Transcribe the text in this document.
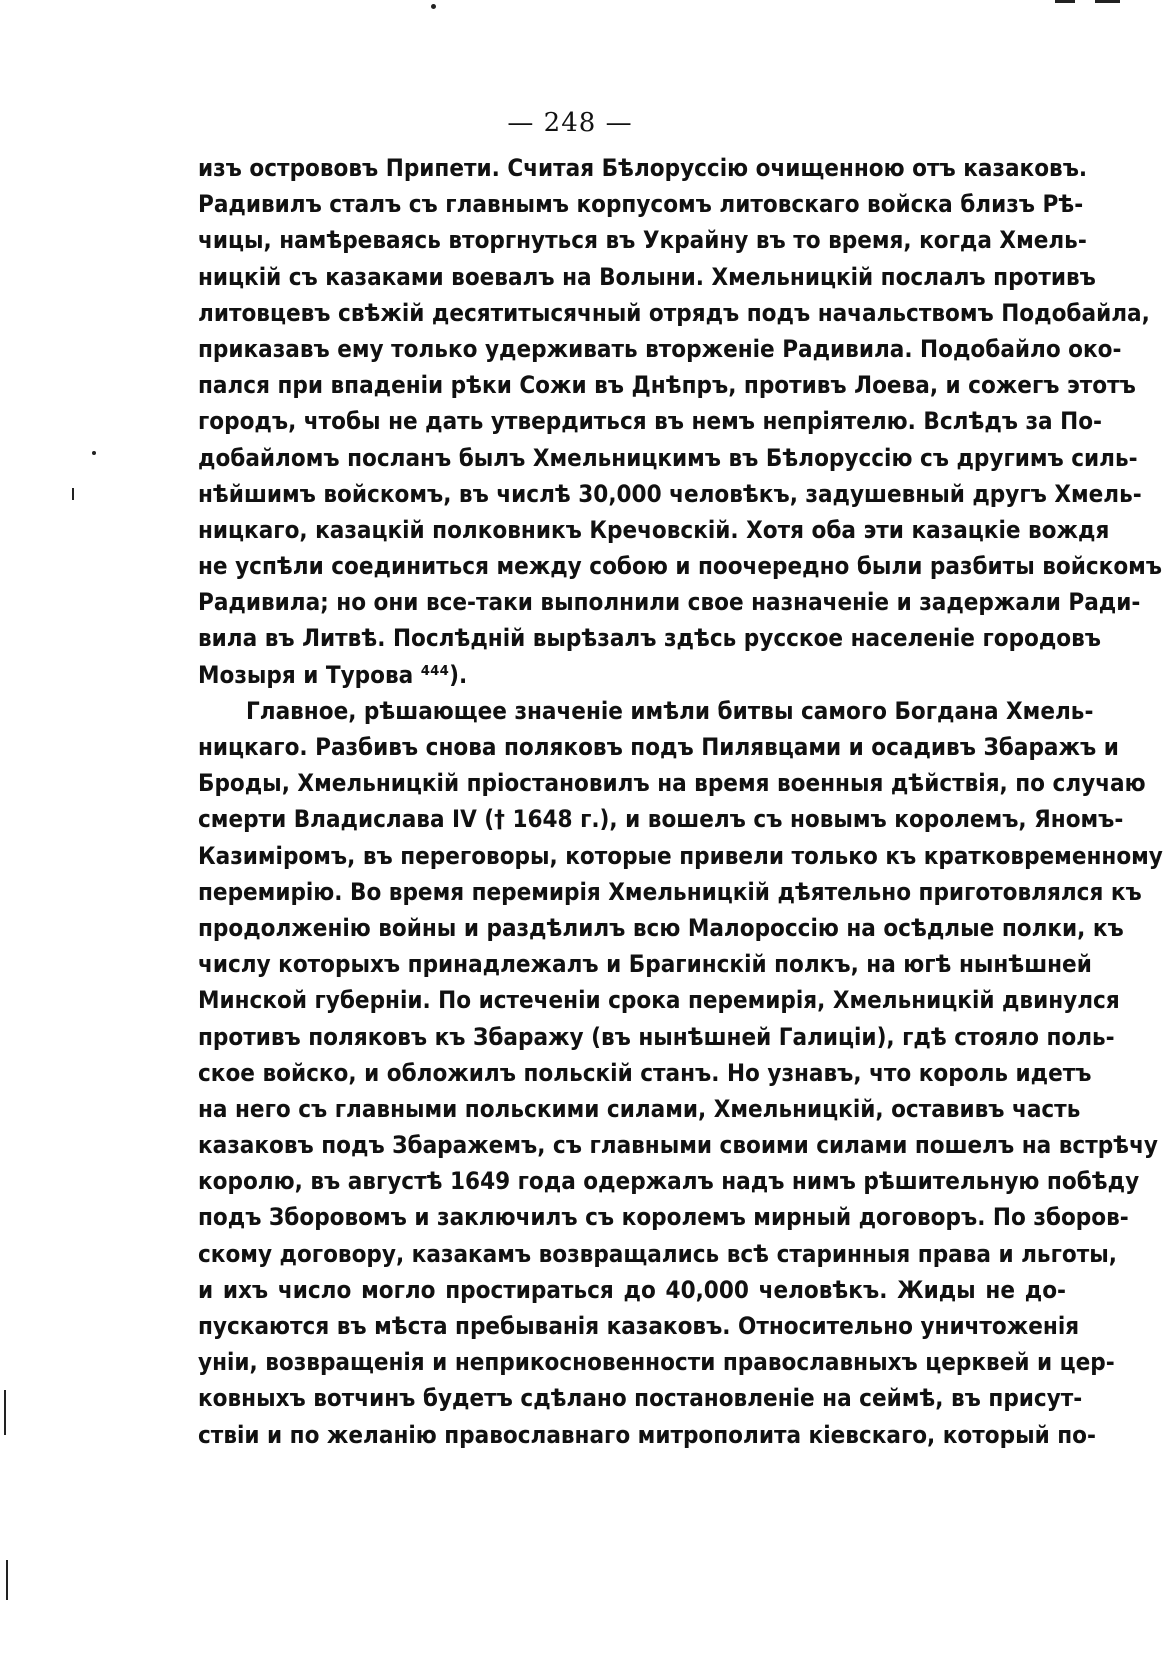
— 248 —
изъ острововъ Припети. Считая Бѣлоруссію очищенною отъ казаковъ.
Радивилъ сталъ съ главнымъ корпусомъ литовскаго войска близъ Рѣ-
чицы, намѣреваясь вторгнуться въ Украйну въ то время, когда Хмель-
ницкій съ казаками воевалъ на Волыни. Хмельницкій послалъ противъ
литовцевъ свѣжій десятитысячный отрядъ подъ начальствомъ Подобайла,
приказавъ ему только удерживать вторженіе Радивила. Подобайло око-
пался при впаденіи рѣки Сожи въ Днѣпръ, противъ Лоева, и сожегъ этотъ
городъ, чтобы не дать утвердиться въ немъ непріятелю. Вслѣдъ за По-
добайломъ посланъ былъ Хмельницкимъ въ Бѣлоруссію съ другимъ силь-
нѣйшимъ войскомъ, въ числѣ 30,000 человѣкъ, задушевный другъ Хмель-
ницкаго, казацкій полковникъ Кречовскій. Хотя оба эти казацкіе вождя
не успѣли соединиться между собою и поочередно были разбиты войскомъ
Радивила; но они все-таки выполнили свое назначеніе и задержали Ради-
вила въ Литвѣ. Послѣдній вырѣзалъ здѣсь русское населеніе городовъ
Мозыря и Турова ⁴⁴⁴).
Главное, рѣшающее значеніе имѣли битвы самого Богдана Хмель-
ницкаго. Разбивъ снова поляковъ подъ Пилявцами и осадивъ Збаражъ и
Броды, Хмельницкій пріостановилъ на время военныя дѣйствія, по случаю
смерти Владислава IV († 1648 г.), и вошелъ съ новымъ королемъ, Яномъ-
Казиміромъ, въ переговоры, которые привели только къ кратковременному
перемирію. Во время перемирія Хмельницкій дѣятельно приготовлялся къ
продолженію войны и раздѣлилъ всю Малороссію на осѣдлые полки, къ
числу которыхъ принадлежалъ и Брагинскій полкъ, на югѣ нынѣшней
Минской губерніи. По истеченіи срока перемирія, Хмельницкій двинулся
противъ поляковъ къ Збаражу (въ нынѣшней Галиціи), гдѣ стояло поль-
ское войско, и обложилъ польскій станъ. Но узнавъ, что король идетъ
на него съ главными польскими силами, Хмельницкій, оставивъ часть
казаковъ подъ Збаражемъ, съ главными своими силами пошелъ на встрѣчу
королю, въ августѣ 1649 года одержалъ надъ нимъ рѣшительную побѣду
подъ Зборовомъ и заключилъ съ королемъ мирный договоръ. По зборов-
скому договору, казакамъ возвращались всѣ старинныя права и льготы,
и ихъ число могло простираться до 40,000 человѣкъ. Жиды не до-
пускаются въ мѣста пребыванія казаковъ. Относительно уничтоженія
уніи, возвращенія и неприкосновенности православныхъ церквей и цер-
ковныхъ вотчинъ будетъ сдѣлано постановленіе на сеймѣ, въ присут-
ствіи и по желанію православнаго митрополита кіевскаго, который по-
